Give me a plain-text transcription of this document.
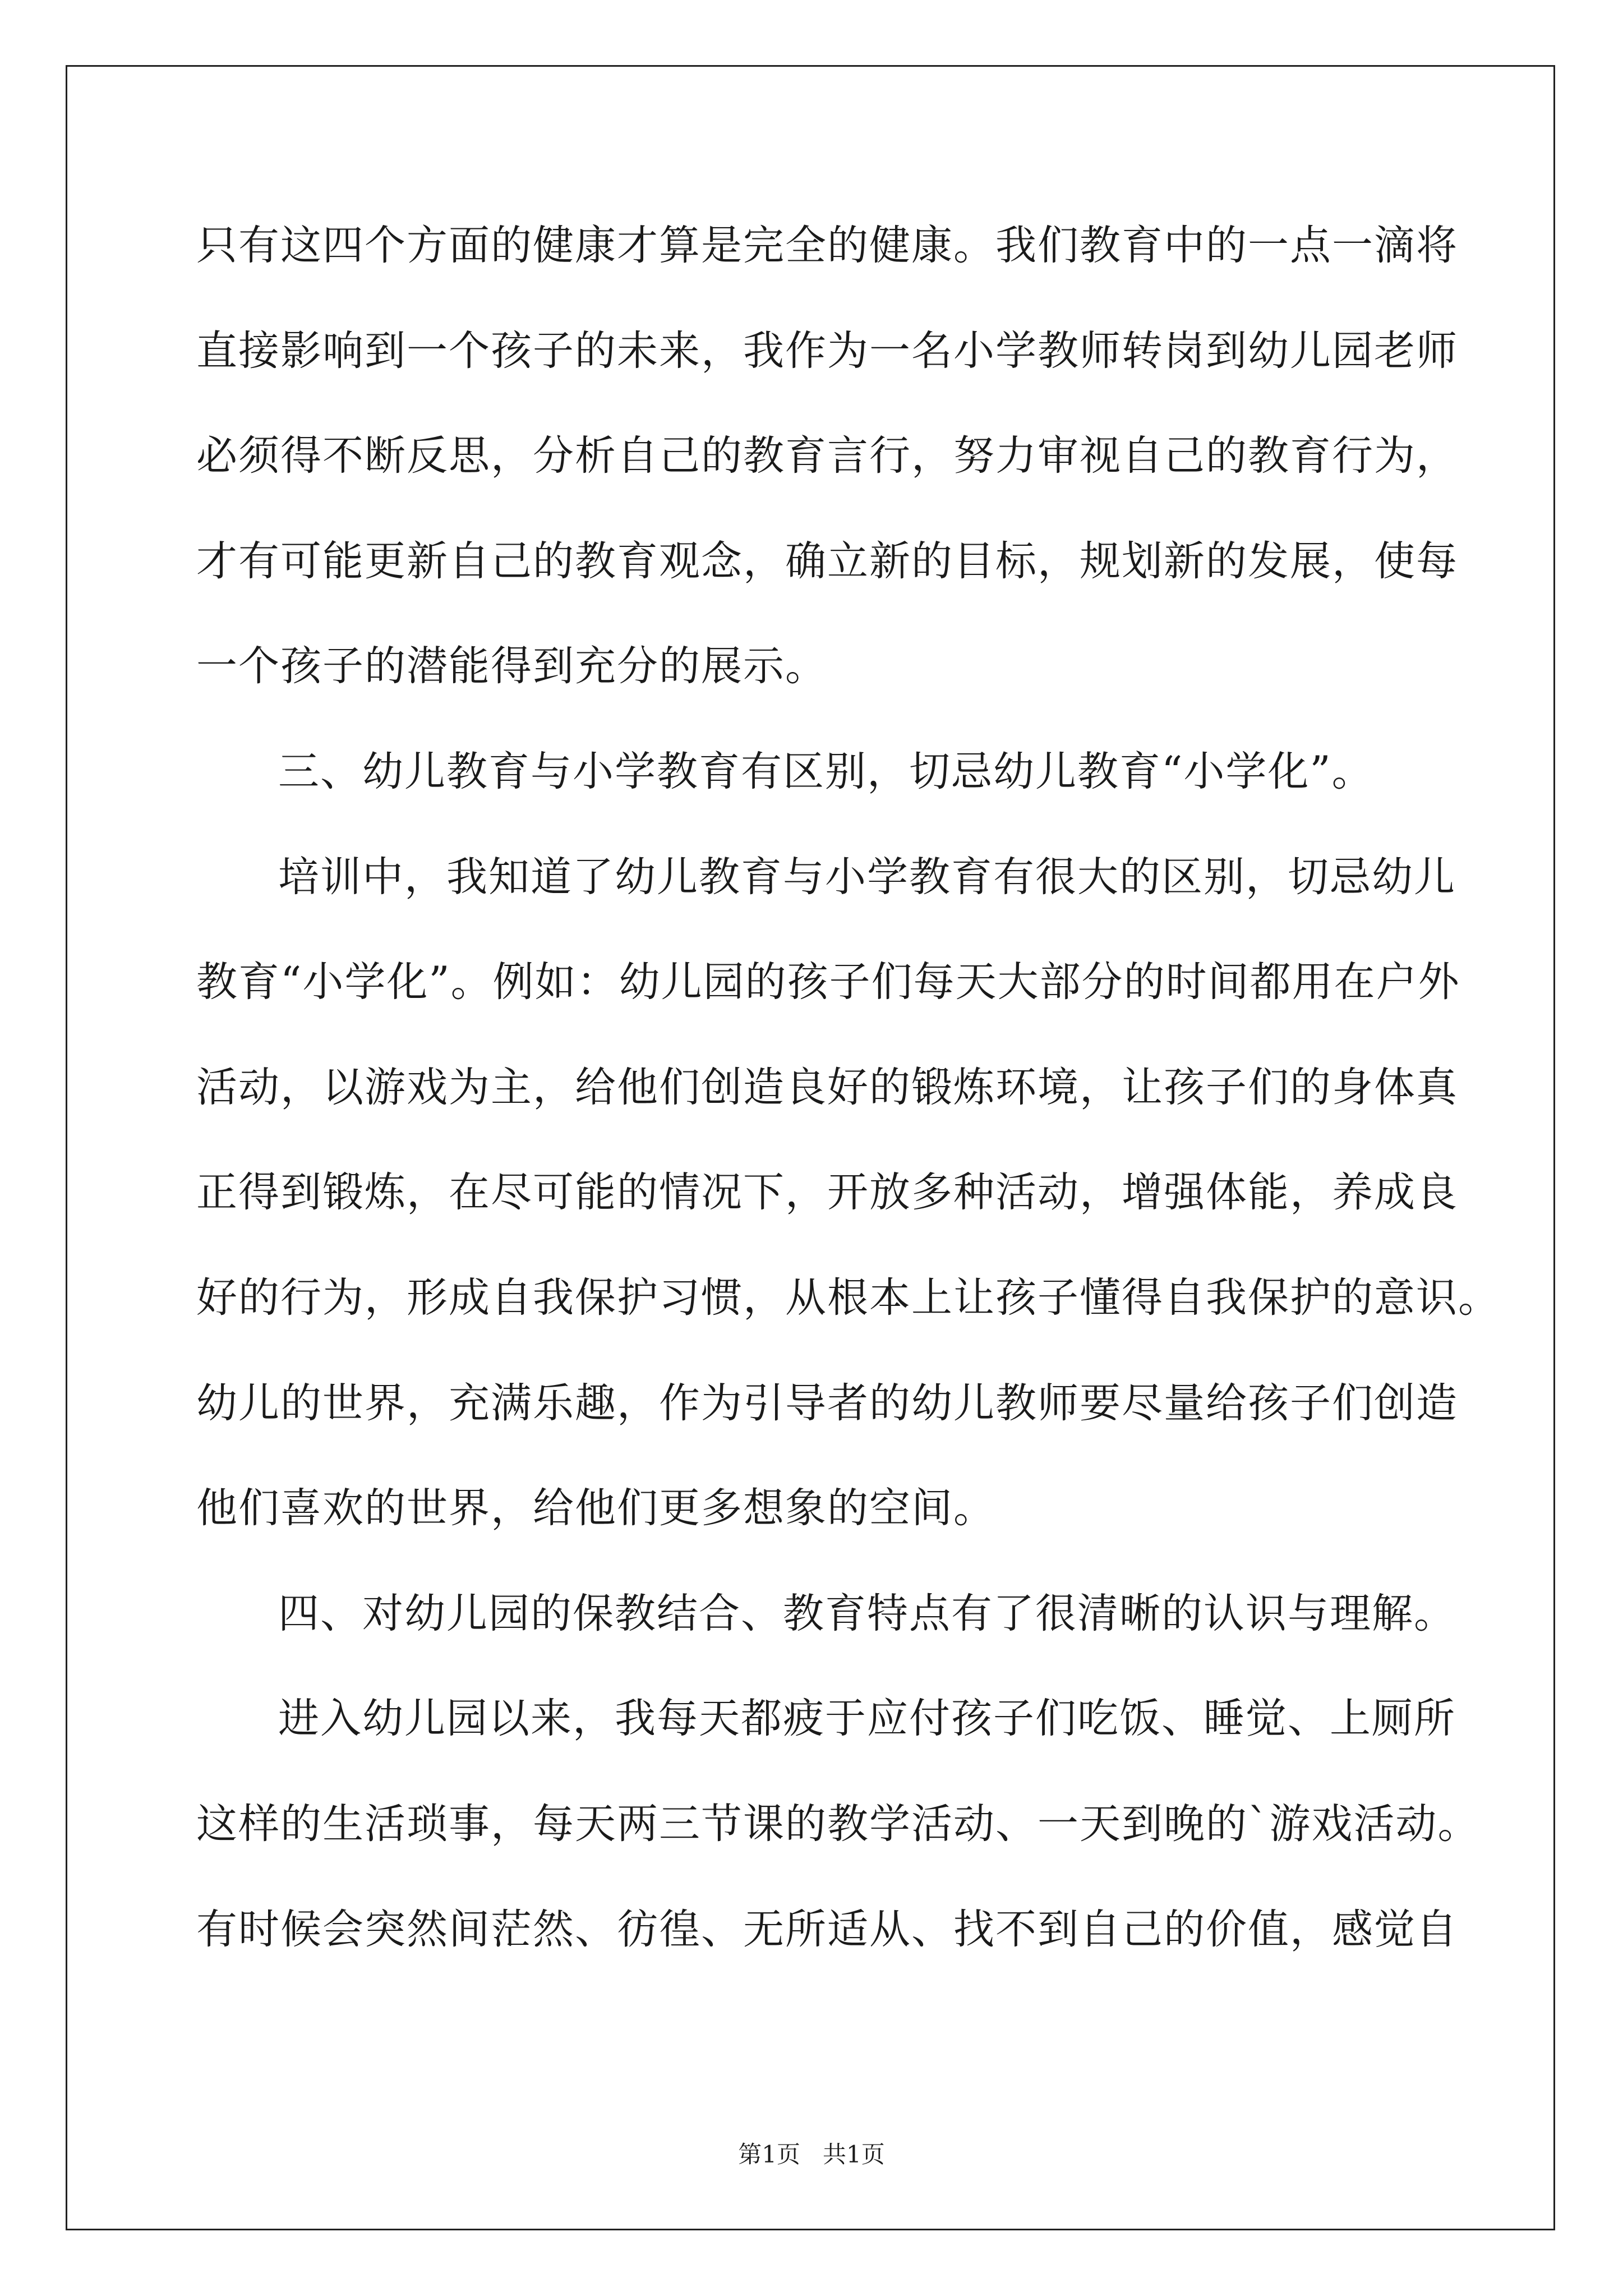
只有这四个方面的健康才算是完全的健康。我们教育中的一点一滴将
直接影响到一个孩子的未来，我作为一名小学教师转岗到幼儿园老师
必须得不断反思，分析自己的教育言行，努力审视自己的教育行为，
才有可能更新自己的教育观念，确立新的目标，规划新的发展，使每
一个孩子的潜能得到充分的展示。
三、幼儿教育与小学教育有区别，切忌幼儿教育“小学化”。
培训中，我知道了幼儿教育与小学教育有很大的区别，切忌幼儿
教育“小学化”。例如：幼儿园的孩子们每天大部分的时间都用在户外
活动，以游戏为主，给他们创造良好的锻炼环境，让孩子们的身体真
正得到锻炼，在尽可能的情况下，开放多种活动，增强体能，养成良
好的行为，形成自我保护习惯，从根本上让孩子懂得自我保护的意识。
幼儿的世界，充满乐趣，作为引导者的幼儿教师要尽量给孩子们创造
他们喜欢的世界，给他们更多想象的空间。
四、对幼儿园的保教结合、教育特点有了很清晰的认识与理解。
进入幼儿园以来，我每天都疲于应付孩子们吃饭、睡觉、上厕所
这样的生活琐事，每天两三节课的教学活动、一天到晚的`游戏活动。
有时候会突然间茫然、彷徨、无所适从、找不到自己的价值，感觉自
第1页 共1页
